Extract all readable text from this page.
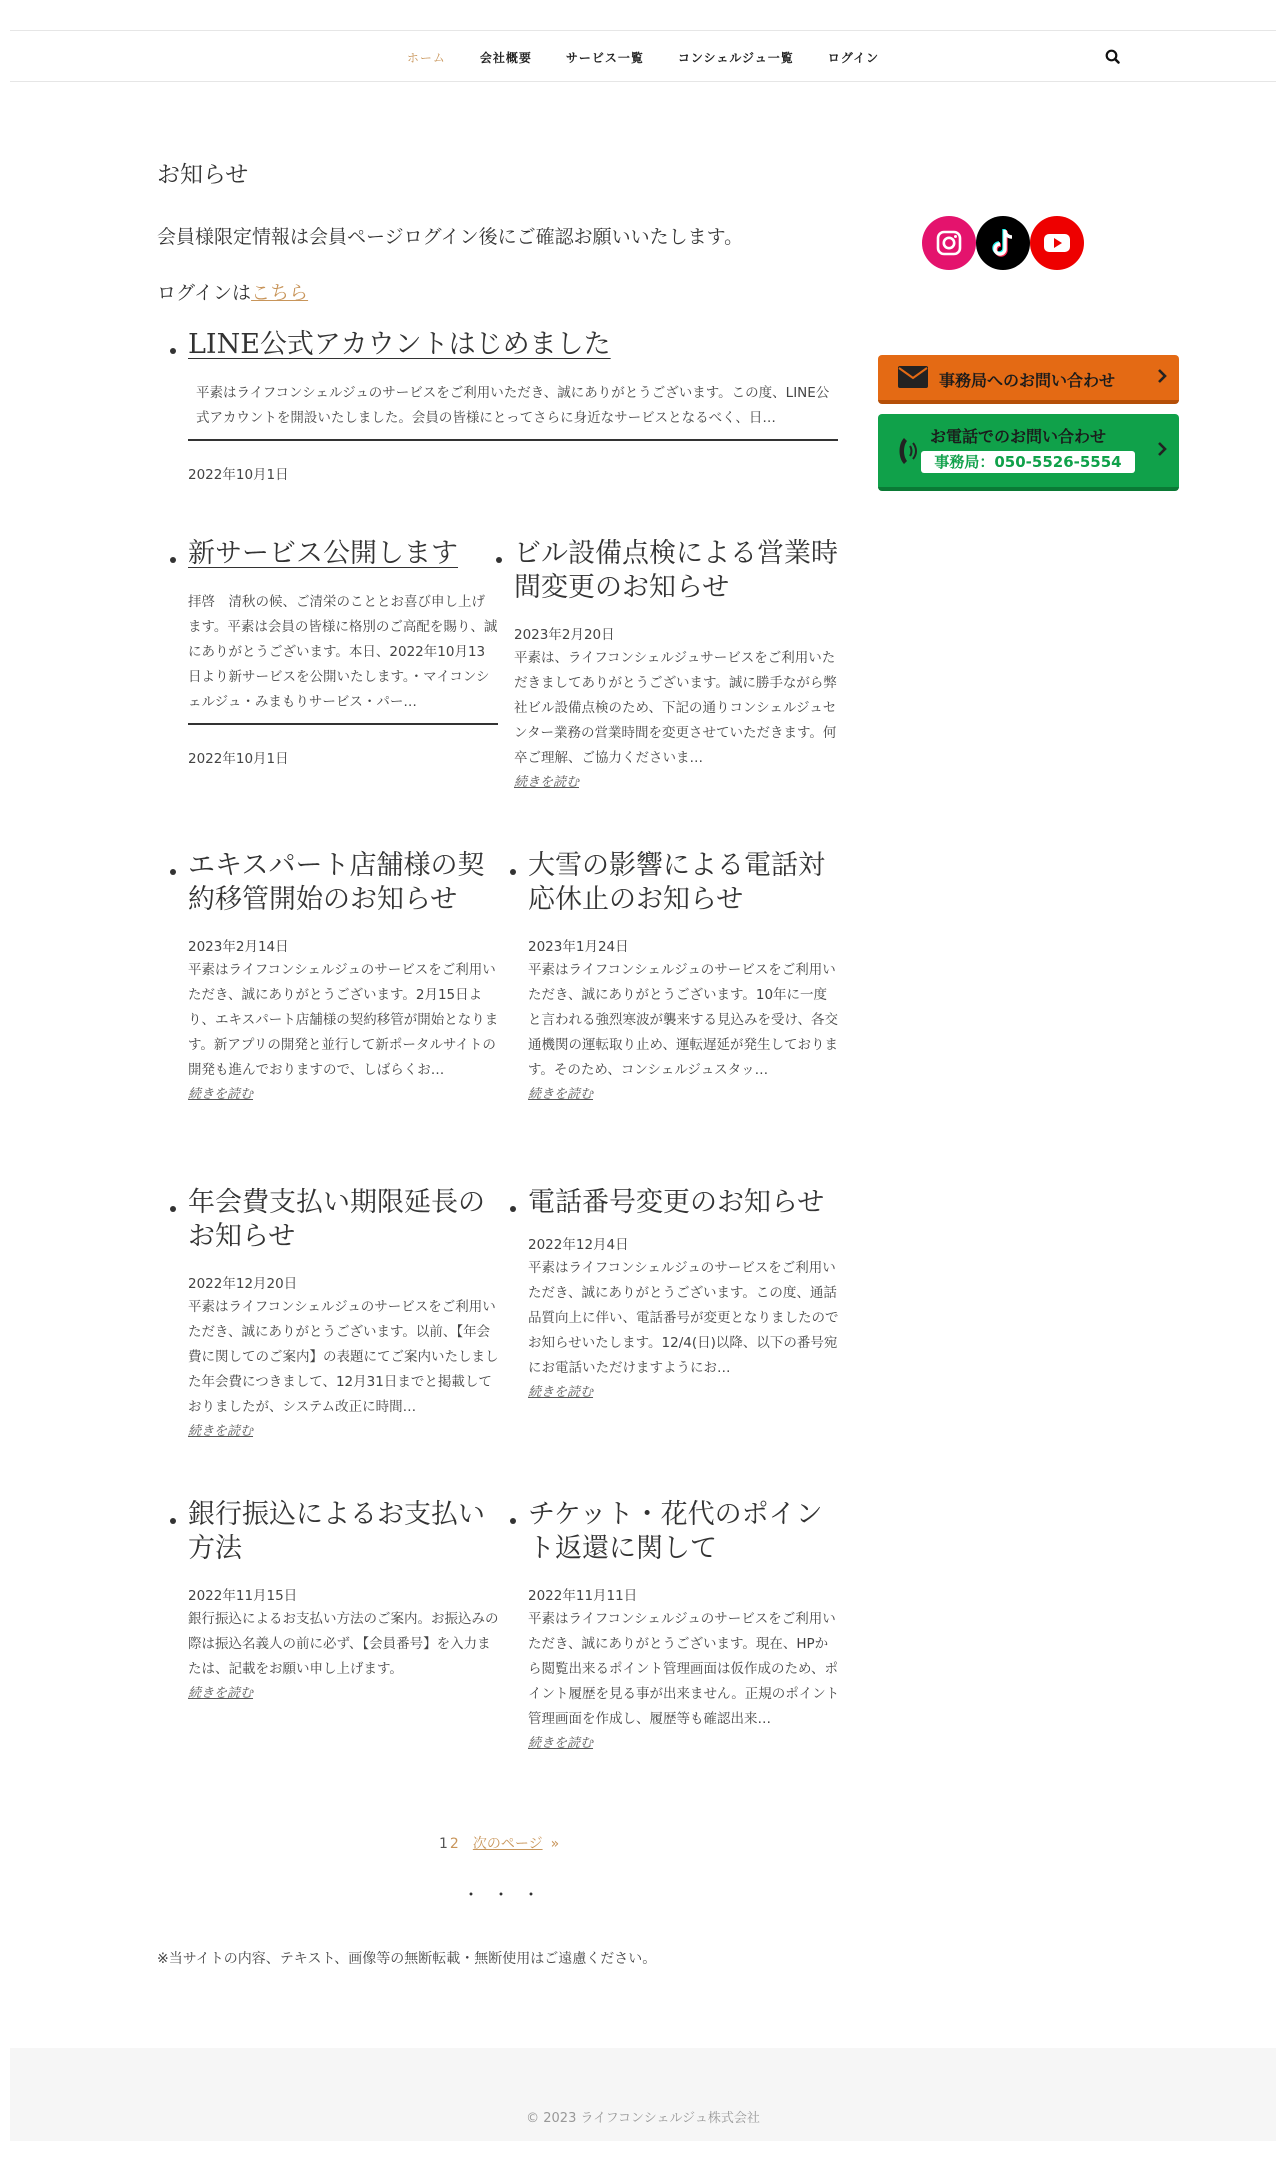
ホーム	会社概要	サービス一覧	コンシェルジュ一覧	ログイン
お知らせ

会員様限定情報は会員ページログイン後にご確認お願いいたします。

ログインはこちら

LINE公式アカウントはじめました
平素はライフコンシェルジュのサービスをご利用いただき、誠にありがとうございます。この度、LINE公式アカウントを開設いたしました。会員の皆様にとってさらに身近なサービスとなるべく、日…
2022年10月1日
新サービス公開します
拝啓　清秋の候、ご清栄のこととお喜び申し上げます。平素は会員の皆様に格別のご高配を賜り、誠にありがとうございます。本日、2022年10月13日より新サービスを公開いたします。・マイコンシェルジュ・みまもりサービス・パー…
2022年10月1日
ビル設備点検による営業時間変更のお知らせ
2023年2月20日
平素は、ライフコンシェルジュサービスをご利用いただきましてありがとうございます。誠に勝手ながら弊社ビル設備点検のため、下記の通りコンシェルジュセンター業務の営業時間を変更させていただきます。何卒ご理解、ご協力くださいま…
続きを読む
エキスパート店舗様の契約移管開始のお知らせ
2023年2月14日
平素はライフコンシェルジュのサービスをご利用いただき、誠にありがとうございます。2月15日より、エキスパート店舗様の契約移管が開始となります。新アプリの開発と並行して新ポータルサイトの開発も進んでおりますので、しばらくお…
続きを読む
大雪の影響による電話対応休止のお知らせ
2023年1月24日
平素はライフコンシェルジュのサービスをご利用いただき、誠にありがとうございます。10年に一度と言われる強烈寒波が襲来する見込みを受け、各交通機関の運転取り止め、運転遅延が発生しております。そのため、コンシェルジュスタッ…
続きを読む
年会費支払い期限延長のお知らせ
2022年12月20日
平素はライフコンシェルジュのサービスをご利用いただき、誠にありがとうございます。以前、【年会費に関してのご案内】の表題にてご案内いたしました年会費につきまして、12月31日までと掲載しておりましたが、システム改正に時間…
続きを読む
電話番号変更のお知らせ
2022年12月4日
平素はライフコンシェルジュのサービスをご利用いただき、誠にありがとうございます。この度、通話品質向上に伴い、電話番号が変更となりましたのでお知らせいたします。12/4(日)以降、以下の番号宛にお電話いただけますようにお…
続きを読む
銀行振込によるお支払い方法
2022年11月15日
銀行振込によるお支払い方法のご案内。お振込みの際は振込名義人の前に必ず、【会員番号】を入力または、記載をお願い申し上げます。
続きを読む
チケット・花代のポイント返還に関して
2022年11月11日
平素はライフコンシェルジュのサービスをご利用いただき、誠にありがとうございます。現在、HPから閲覧出来るポイント管理画面は仮作成のため、ポイント履歴を見る事が出来ません。正規のポイント管理画面を作成し、履歴等も確認出来…
続きを読む
1 2 次のページ »
・・・

※当サイトの内容、テキスト、画像等の無断転載・無断使用はご遠慮ください。

事務局へのお問い合わせ
お電話でのお問い合わせ
事務局：050-5526-5554
© 2023 ライフコンシェルジュ株式会社
